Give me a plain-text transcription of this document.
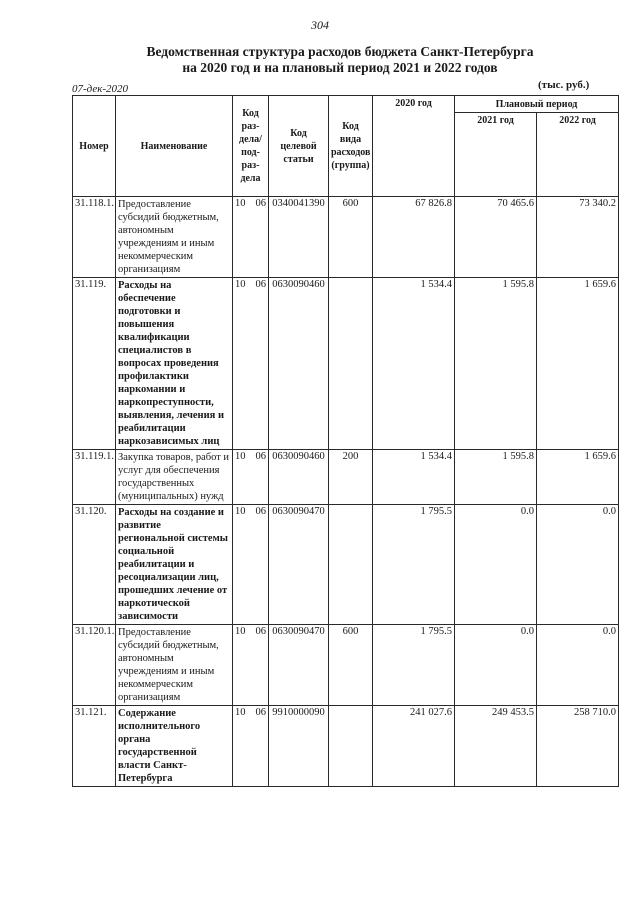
304
Ведомственная структура расходов бюджета Санкт-Петербурга
на 2020 год и на плановый период 2021 и 2022 годов
07-дек-2020	(тыс. руб.)
Номер	Наименование	Код раз-дела/ под-раз-дела	Код целевой статьи	Код вида расходов (группа)	2020 год	Плановый период	
						2021 год	2022 год
31.118.1.	Предоставление субсидий бюджетным, автономным учреждениям и иным некоммерческим организациям	10 06	0340041390	600	67 826.8	70 465.6	73 340.2
31.119.	Расходы на обеспечение подготовки и повышения квалификации специалистов в вопросах проведения профилактики наркомании и наркопреступности, выявления, лечения и реабилитации наркозависимых лиц	10 06	0630090460		1 534.4	1 595.8	1 659.6
31.119.1.	Закупка товаров, работ и услуг для обеспечения государственных (муниципальных) нужд	10 06	0630090460	200	1 534.4	1 595.8	1 659.6
31.120.	Расходы на создание и развитие региональной системы социальной реабилитации и ресоциализации лиц, прошедших лечение от наркотической зависимости	10 06	0630090470		1 795.5	0.0	0.0
31.120.1.	Предоставление субсидий бюджетным, автономным учреждениям и иным некоммерческим организациям	10 06	0630090470	600	1 795.5	0.0	0.0
31.121.	Содержание исполнительного органа государственной власти Санкт-Петербурга	10 06	9910000090		241 027.6	249 453.5	258 710.0
